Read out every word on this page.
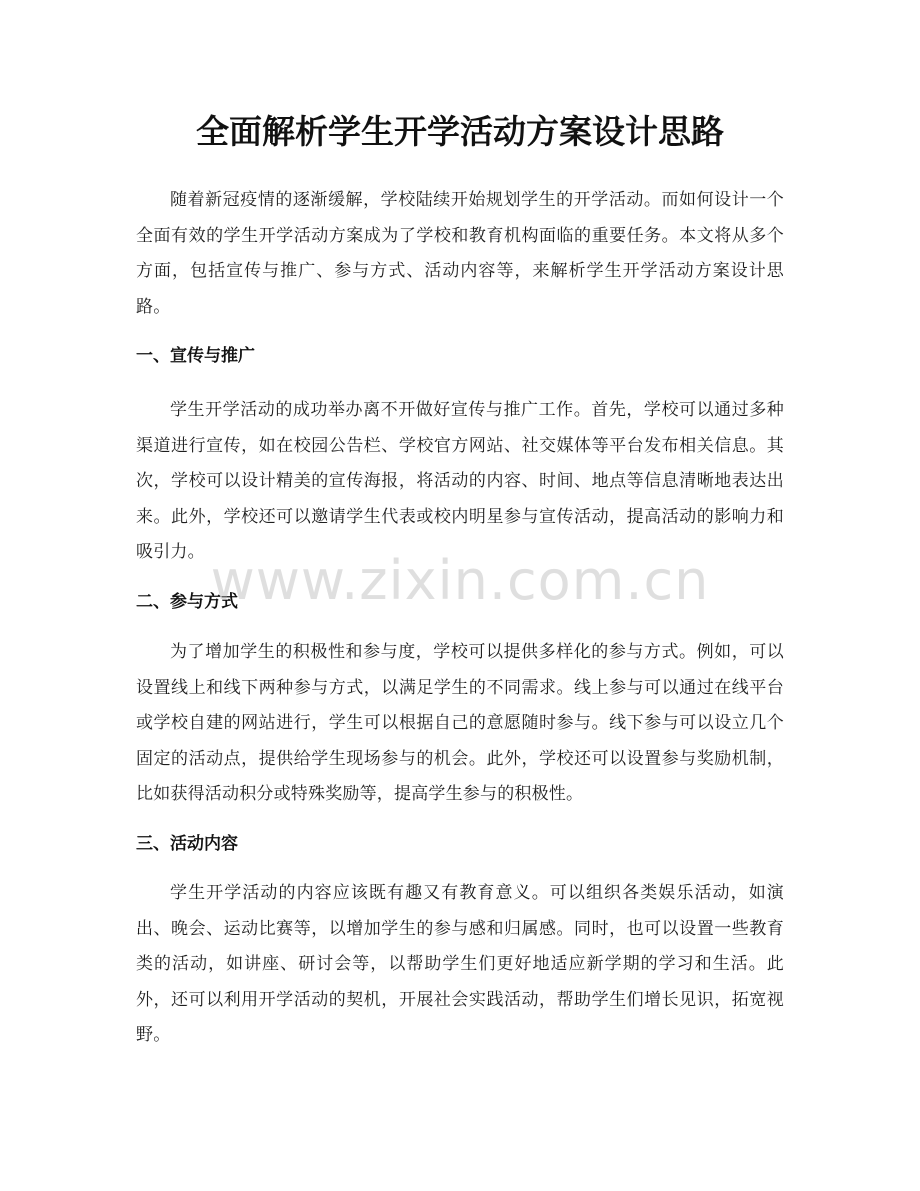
全面解析学生开学活动方案设计思路

随着新冠疫情的逐渐缓解，学校陆续开始规划学生的开学活动。而如何设计一个全面有效的学生开学活动方案成为了学校和教育机构面临的重要任务。本文将从多个方面，包括宣传与推广、参与方式、活动内容等，来解析学生开学活动方案设计思路。

一、宣传与推广

学生开学活动的成功举办离不开做好宣传与推广工作。首先，学校可以通过多种渠道进行宣传，如在校园公告栏、学校官方网站、社交媒体等平台发布相关信息。其次，学校可以设计精美的宣传海报，将活动的内容、时间、地点等信息清晰地表达出来。此外，学校还可以邀请学生代表或校内明星参与宣传活动，提高活动的影响力和吸引力。

二、参与方式

为了增加学生的积极性和参与度，学校可以提供多样化的参与方式。例如，可以设置线上和线下两种参与方式，以满足学生的不同需求。线上参与可以通过在线平台或学校自建的网站进行，学生可以根据自己的意愿随时参与。线下参与可以设立几个固定的活动点，提供给学生现场参与的机会。此外，学校还可以设置参与奖励机制，比如获得活动积分或特殊奖励等，提高学生参与的积极性。

三、活动内容

学生开学活动的内容应该既有趣又有教育意义。可以组织各类娱乐活动，如演出、晚会、运动比赛等，以增加学生的参与感和归属感。同时，也可以设置一些教育类的活动，如讲座、研讨会等，以帮助学生们更好地适应新学期的学习和生活。此外，还可以利用开学活动的契机，开展社会实践活动，帮助学生们增长见识，拓宽视野。

www.zixin.com.cn
